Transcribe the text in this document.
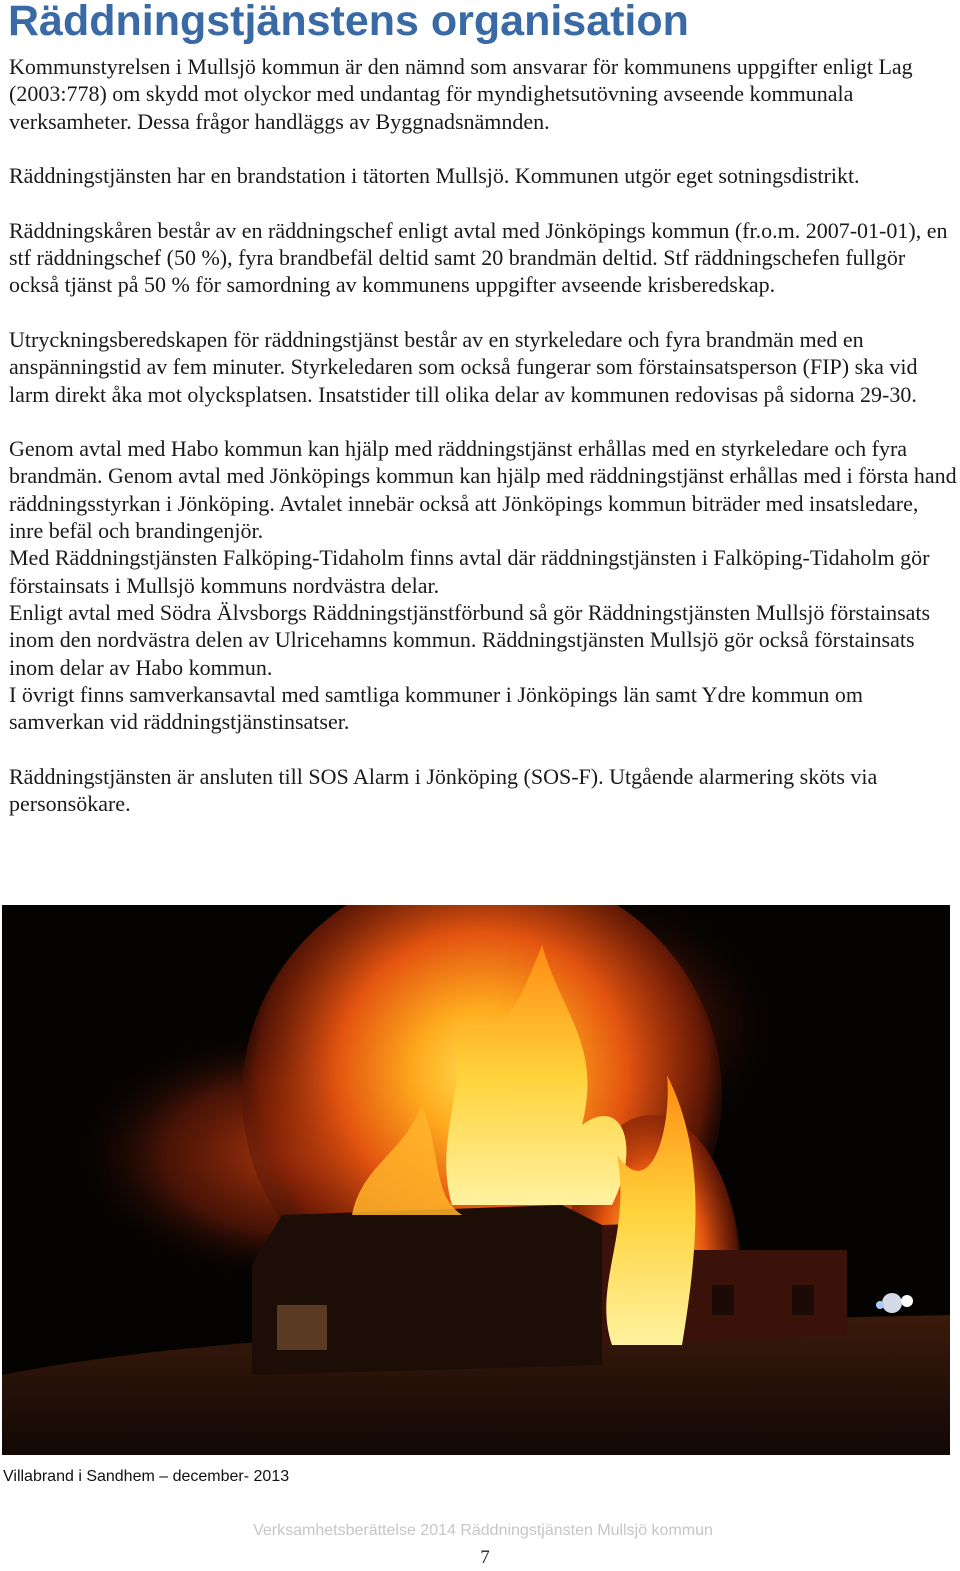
Räddningstjänstens organisation

Kommunstyrelsen i Mullsjö kommun är den nämnd som ansvarar för kommunens uppgifter enligt Lag (2003:778) om skydd mot olyckor med undantag för myndighetsutövning avseende kommunala verksamheter. Dessa frågor handläggs av Byggnadsnämnden.

Räddningstjänsten har en brandstation i tätorten Mullsjö. Kommunen utgör eget sotningsdistrikt.

Räddningskåren består av en räddningschef enligt avtal med Jönköpings kommun (fr.o.m. 2007-01-01), en stf räddningschef (50 %), fyra brandbefäl deltid samt 20 brandmän deltid. Stf räddningschefen fullgör också tjänst på 50 % för samordning av kommunens uppgifter avseende krisberedskap.

Utryckningsberedskapen för räddningstjänst består av en styrkeledare och fyra brandmän med en anspänningstid av fem minuter. Styrkeledaren som också fungerar som förstainsatsperson (FIP) ska vid larm direkt åka mot olycksplatsen. Insatstider till olika delar av kommunen redovisas på sidorna 29-30.

Genom avtal med Habo kommun kan hjälp med räddningstjänst erhållas med en styrkeledare och fyra brandmän. Genom avtal med Jönköpings kommun kan hjälp med räddningstjänst erhållas med i första hand räddningsstyrkan i Jönköping. Avtalet innebär också att Jönköpings kommun biträder med insatsledare, inre befäl och brandingenjör.

Med Räddningstjänsten Falköping-Tidaholm finns avtal där räddningstjänsten i Falköping-Tidaholm gör förstainsats i Mullsjö kommuns nordvästra delar.

Enligt avtal med Södra Älvsborgs Räddningstjänstförbund så gör Räddningstjänsten Mullsjö förstainsats inom den nordvästra delen av Ulricehamns kommun. Räddningstjänsten Mullsjö gör också förstainsats inom delar av Habo kommun.

I övrigt finns samverkansavtal med samtliga kommuner i Jönköpings län samt Ydre kommun om samverkan vid räddningstjänstinsatser.

Räddningstjänsten är ansluten till SOS Alarm i Jönköping (SOS-F). Utgående alarmering sköts via personsökare.

Villabrand i Sandhem – december- 2013
Verksamhetsberättelse 2014 Räddningstjänsten Mullsjö kommun
7
